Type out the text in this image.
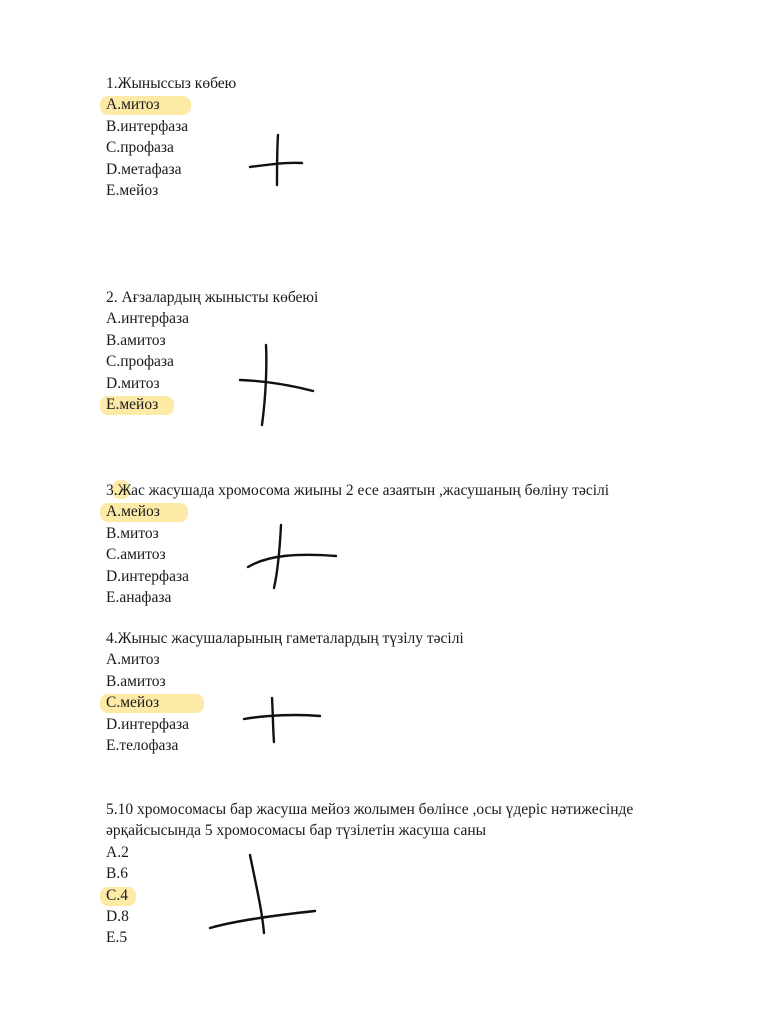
1.Жыныссыз көбею
A.митоз
B.интерфаза
C.профаза
D.метафаза
E.мейоз
2. Ағзалардың жынысты көбеюі
A.интерфаза
B.амитоз
C.профаза
D.митоз
E.мейоз
3.Жас жасушада хромосома жиыны 2 есе азаятын ,жасушаның бөліну тәсілі
A.мейоз
B.митоз
C.амитоз
D.интерфаза
E.анафаза
4.Жыныс жасушаларының гаметалардың түзілу тәсілі
A.митоз
B.амитоз
C.мейоз
D.интерфаза
E.телофаза
5.10 хромосомасы бар жасуша мейоз жолымен бөлінсе ,осы үдеріс нәтижесінде әрқайсысында 5 хромосомасы бар түзілетін жасуша саны
A.2
B.6
C.4
D.8
E.5
